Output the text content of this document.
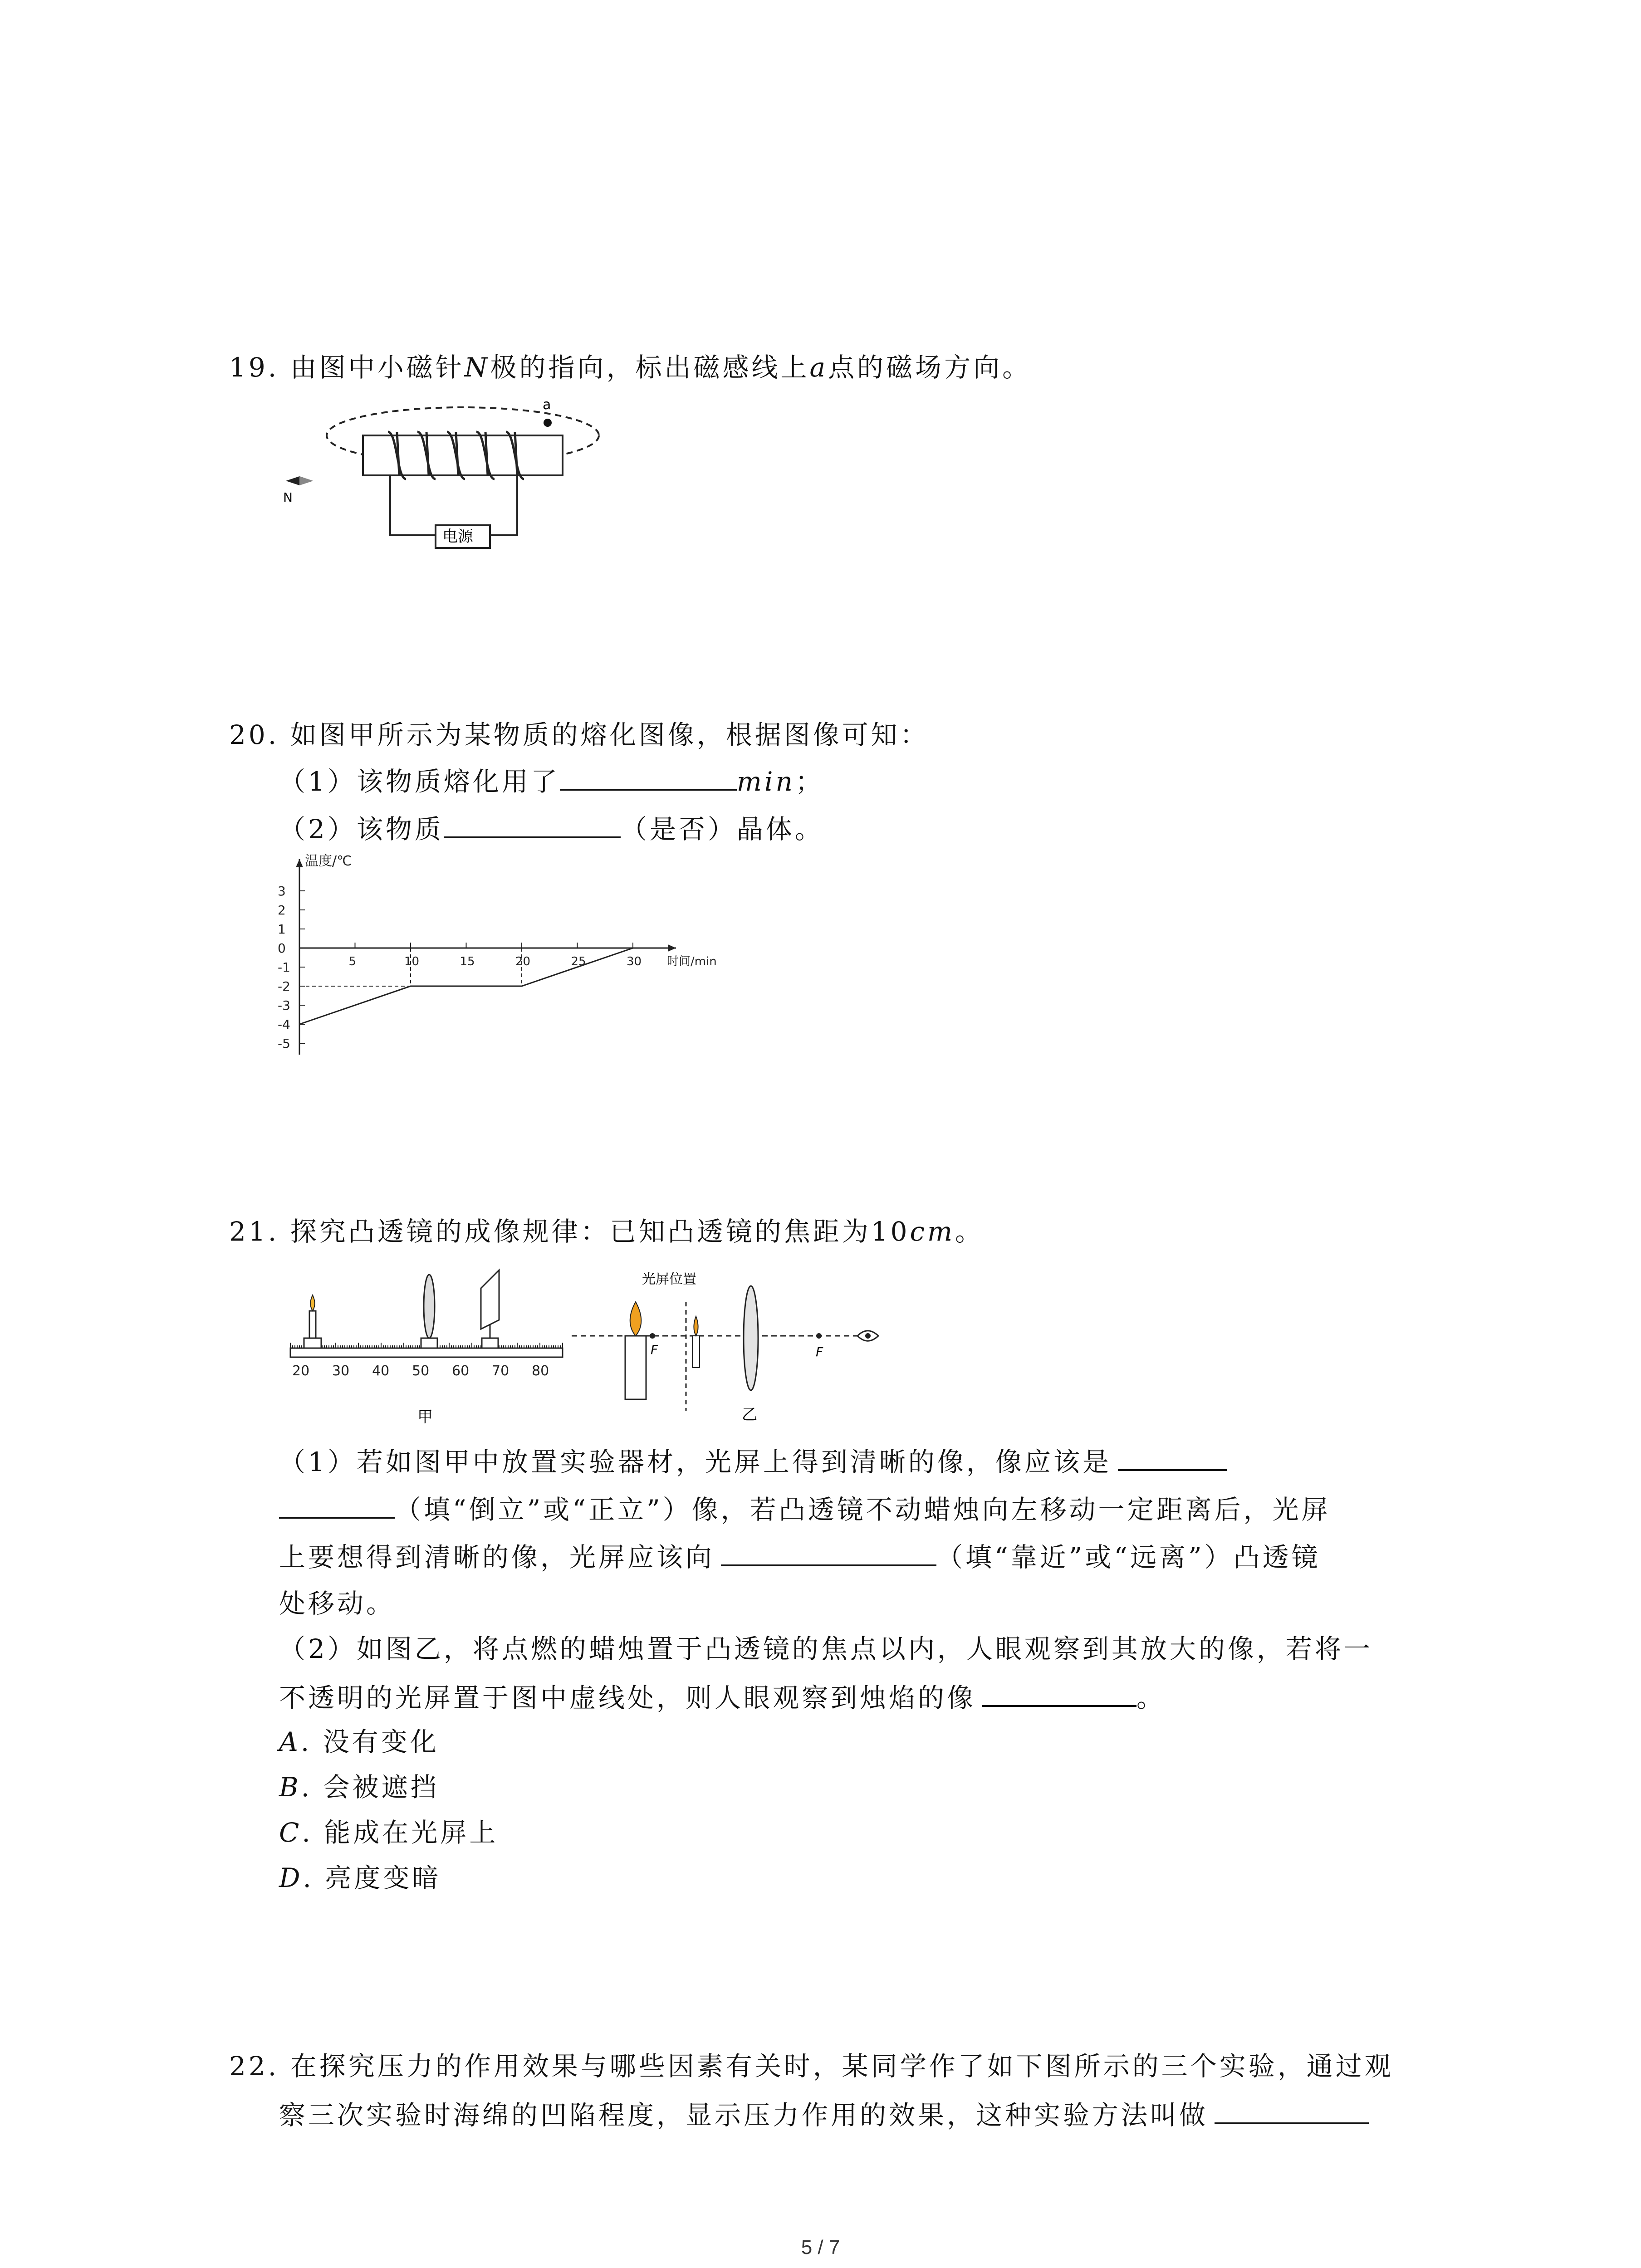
19. 由图中小磁针N极的指向，标出磁感线上a点的磁场方向。
a
电源
N
20. 如图甲所示为某物质的熔化图像，根据图像可知：
（1）该物质熔化用了	min；
（2）该物质	（是否）晶体。
温度/℃
时间/min
3
2
1
0
-1
-2
-3
-4
-5
5	10	15	20	25	30
21. 探究凸透镜的成像规律：已知凸透镜的焦距为10cm。
20 30 40 50 60 70 80
甲
F
光屏位置
乙
F
（1）若如图甲中放置实验器材，光屏上得到清晰的像，像应该是
（填“倒立”或“正立”）像，若凸透镜不动蜡烛向左移动一定距离后，光屏
上要想得到清晰的像，光屏应该向	（填“靠近”或“远离”）凸透镜
处移动。
（2）如图乙，将点燃的蜡烛置于凸透镜的焦点以内，人眼观察到其放大的像，若将一
不透明的光屏置于图中虚线处，则人眼观察到烛焰的像	。
A. 没有变化
B. 会被遮挡
C. 能成在光屏上
D. 亮度变暗
22. 在探究压力的作用效果与哪些因素有关时，某同学作了如下图所示的三个实验，通过观
察三次实验时海绵的凹陷程度，显示压力作用的效果，这种实验方法叫做
5 / 7
